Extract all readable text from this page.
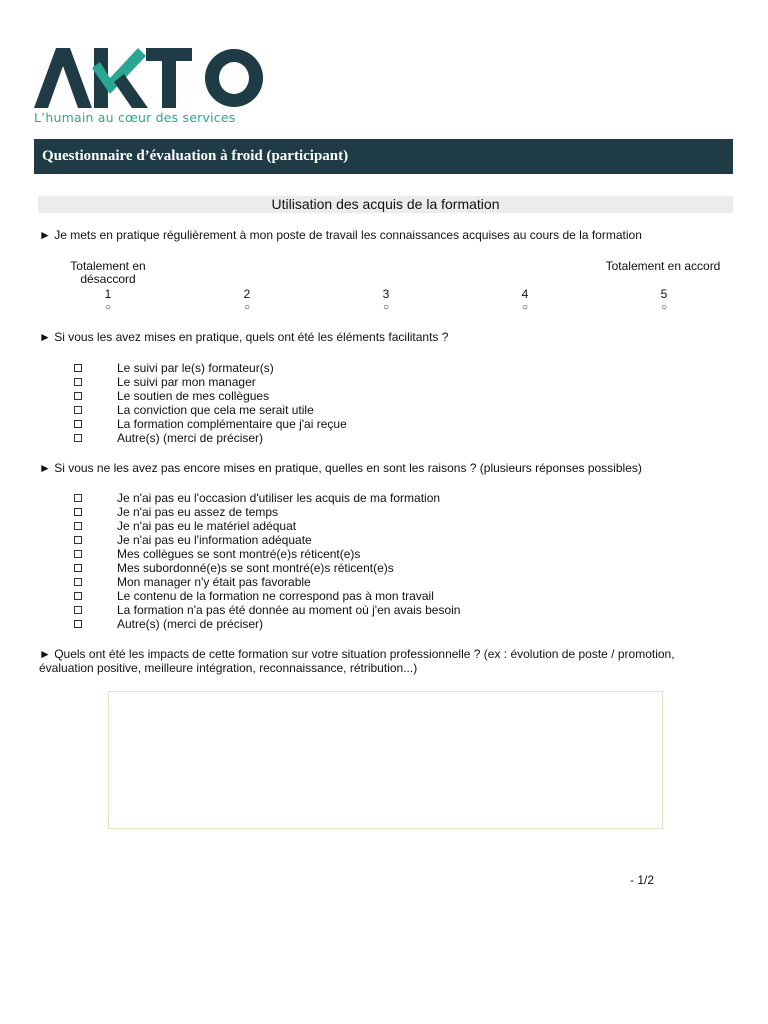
L’humain au cœur des services
Questionnaire d’évaluation à froid (participant)
Utilisation des acquis de la formation
► Je mets en pratique régulièrement à mon poste de travail les connaissances acquises au cours de la formation
Totalement en désaccord
Totalement en accord
1	2	3	4	5
○	○	○	○	○
► Si vous les avez mises en pratique, quels ont été les éléments facilitants ?
Le suivi par le(s) formateur(s)
Le suivi par mon manager
Le soutien de mes collègues
La conviction que cela me serait utile
La formation complémentaire que j'ai reçue
Autre(s) (merci de préciser)
► Si vous ne les avez pas encore mises en pratique, quelles en sont les raisons ? (plusieurs réponses possibles)
Je n'ai pas eu l'occasion d'utiliser les acquis de ma formation
Je n'ai pas eu assez de temps
Je n'ai pas eu le matériel adéquat
Je n'ai pas eu l'information adéquate
Mes collègues se sont montré(e)s réticent(e)s
Mes subordonné(e)s se sont montré(e)s réticent(e)s
Mon manager n'y était pas favorable
Le contenu de la formation ne correspond pas à mon travail
La formation n'a pas été donnée au moment où j'en avais besoin
Autre(s) (merci de préciser)
► Quels ont été les impacts de cette formation sur votre situation professionnelle ? (ex : évolution de poste / promotion, évaluation positive, meilleure intégration, reconnaissance, rétribution...)
- 1/2
